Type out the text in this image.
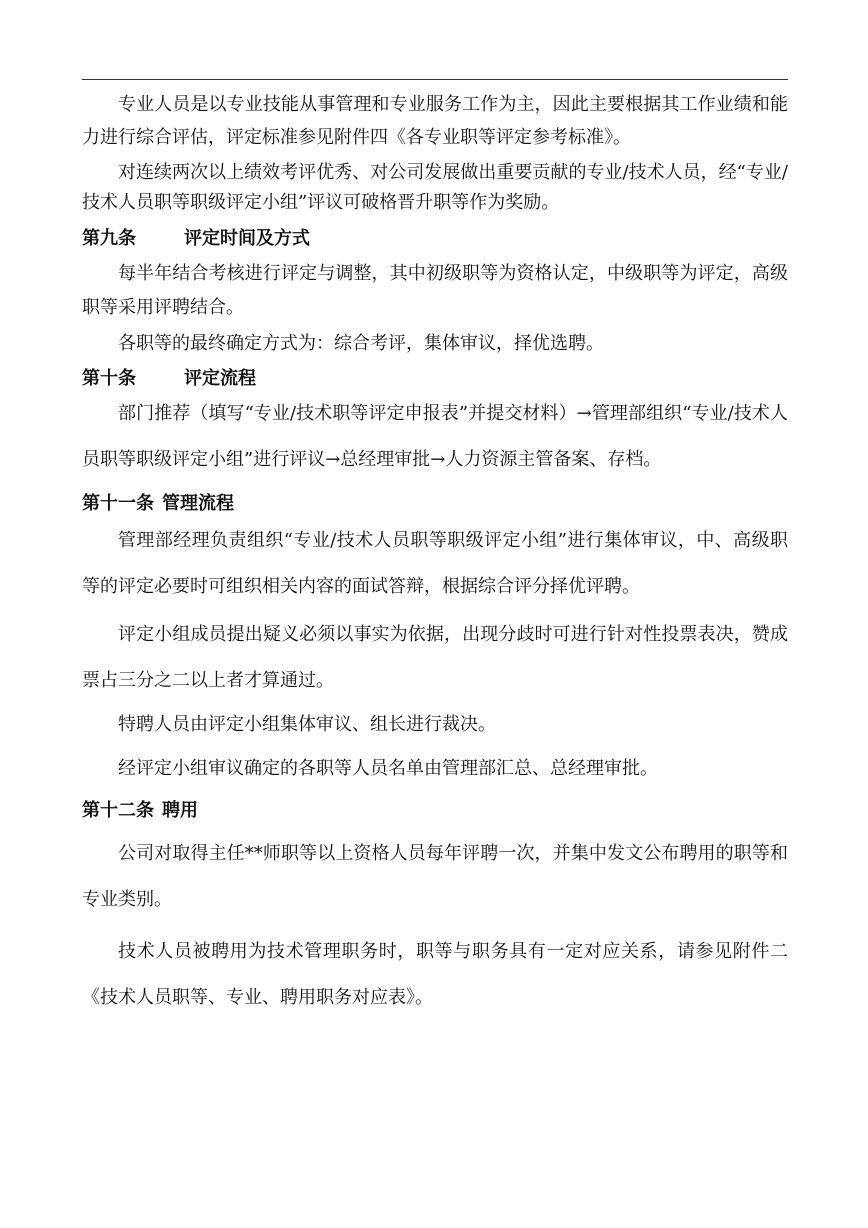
专业人员是以专业技能从事管理和专业服务工作为主，因此主要根据其工作业绩和能力进行综合评估，评定标准参见附件四《各专业职等评定参考标准》。

对连续两次以上绩效考评优秀、对公司发展做出重要贡献的专业/技术人员，经“专业/技术人员职等职级评定小组”评议可破格晋升职等作为奖励。

第九条	评定时间及方式

每半年结合考核进行评定与调整，其中初级职等为资格认定，中级职等为评定，高级职等采用评聘结合。

各职等的最终确定方式为：综合考评，集体审议，择优选聘。

第十条	评定流程

部门推荐（填写“专业/技术职等评定申报表”并提交材料）→管理部组织“专业/技术人员职等职级评定小组”进行评议→总经理审批→人力资源主管备案、存档。

第十一条 管理流程

管理部经理负责组织“专业/技术人员职等职级评定小组”进行集体审议，中、高级职等的评定必要时可组织相关内容的面试答辩，根据综合评分择优评聘。

评定小组成员提出疑义必须以事实为依据，出现分歧时可进行针对性投票表决，赞成票占三分之二以上者才算通过。

特聘人员由评定小组集体审议、组长进行裁决。

经评定小组审议确定的各职等人员名单由管理部汇总、总经理审批。

第十二条 聘用

公司对取得主任**师职等以上资格人员每年评聘一次，并集中发文公布聘用的职等和专业类别。

技术人员被聘用为技术管理职务时，职等与职务具有一定对应关系，请参见附件二《技术人员职等、专业、聘用职务对应表》。
